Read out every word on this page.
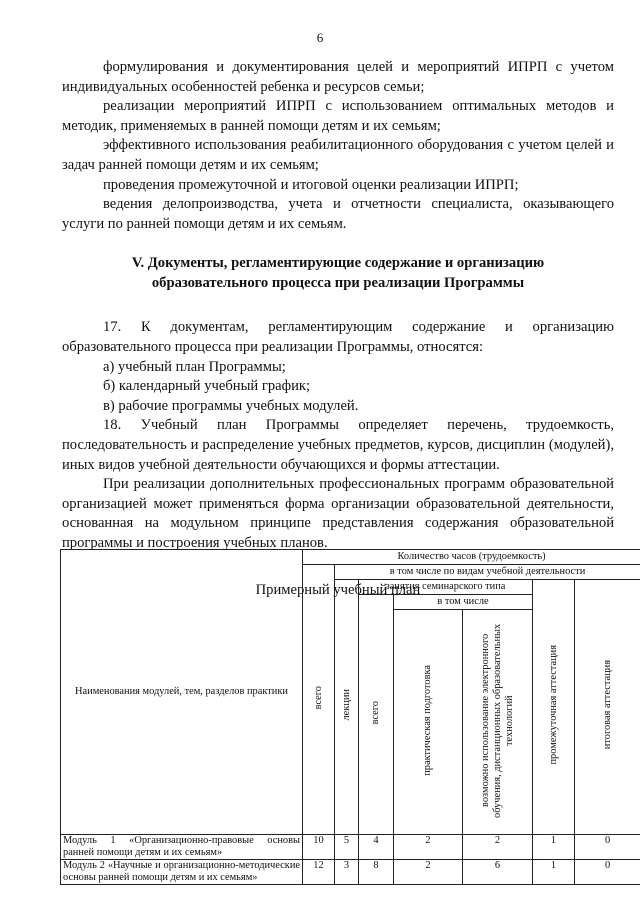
6

формулирования и документирования целей и мероприятий ИПРП с учетом индивидуальных особенностей ребенка и ресурсов семьи;

реализации мероприятий ИПРП с использованием оптимальных методов и методик, применяемых в ранней помощи детям и их семьям;

эффективного использования реабилитационного оборудования с учетом целей и задач ранней помощи детям и их семьям;

проведения промежуточной и итоговой оценки реализации ИПРП;

ведения делопроизводства, учета и отчетности специалиста, оказывающего услуги по ранней помощи детям и их семьям.

V. Документы, регламентирующие содержание и организацию
образовательного процесса при реализации Программы

17. К документам, регламентирующим содержание и организацию образовательного процесса при реализации Программы, относятся:

а) учебный план Программы;

б) календарный учебный график;

в) рабочие программы учебных модулей.

18. Учебный план Программы определяет перечень, трудоемкость, последовательность и распределение учебных предметов, курсов, дисциплин (модулей), иных видов учебной деятельности обучающихся и формы аттестации.

При реализации дополнительных профессиональных программ образовательной организацией может применяться форма организации образовательной деятельности, основанная на модульном принципе представления содержания образовательной программы и построения учебных планов.

Примерный учебный план

Наименования модулей, тем, разделов практики	Количество часов (трудоемкость)						
	всего	в том числе по видам учебной деятельности					
		лекции	занятия семинарского типа			промежуточная аттестация	итоговая аттестация
			всего	в том числе			
				практическая подготовка	возможно использование электронного обучения, дистанционных образовательных технологий		
Модуль 1 «Организационно-правовые основы ранней помощи детям и их семьям»	10	5	4	2	2	1	0
Модуль 2 «Научные и организационно-методические основы ранней помощи детям и их семьям»	12	3	8	2	6	1	0
